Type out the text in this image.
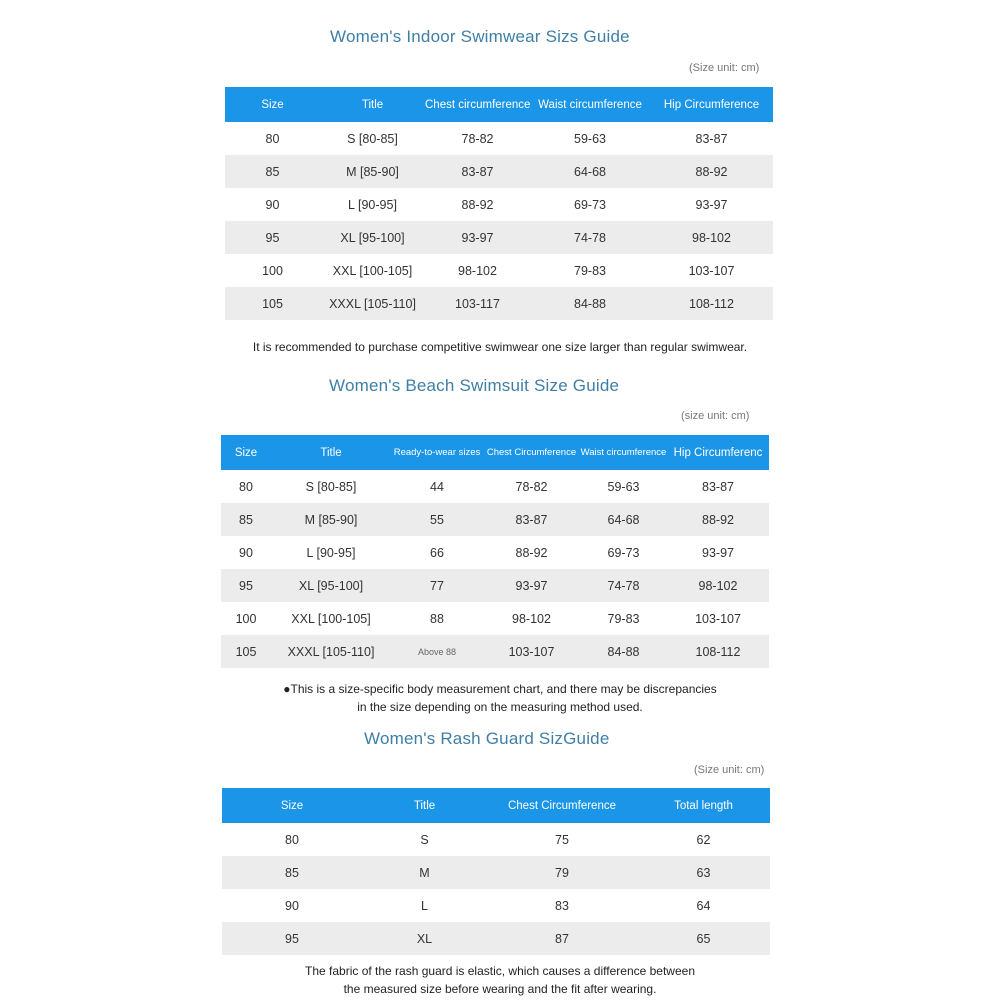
Women's Indoor Swimwear Sizs Guide
(Size unit: cm)
Size	Title	Chest circumference	Waist circumference	Hip Circumference
80	S [80-85]	78-82	59-63	83-87
85	M [85-90]	83-87	64-68	88-92
90	L [90-95]	88-92	69-73	93-97
95	XL [95-100]	93-97	74-78	98-102
100	XXL [100-105]	98-102	79-83	103-107
105	XXXL [105-110]	103-117	84-88	108-112
It is recommended to purchase competitive swimwear one size larger than regular swimwear.
Women's Beach Swimsuit Size Guide
(size unit: cm)
Size	Title	Ready-to-wear sizes	Chest Circumference	Waist circumference	Hip Circumferenc
80	S [80-85]	44	78-82	59-63	83-87
85	M [85-90]	55	83-87	64-68	88-92
90	L [90-95]	66	88-92	69-73	93-97
95	XL [95-100]	77	93-97	74-78	98-102
100	XXL [100-105]	88	98-102	79-83	103-107
105	XXXL [105-110]	Above 88	103-107	84-88	108-112
●This is a size-specific body measurement chart, and there may be discrepancies
in the size depending on the measuring method used.
Women's Rash Guard SizGuide
(Size unit: cm)
Size	Title	Chest Circumference	Total length
80	S	75	62
85	M	79	63
90	L	83	64
95	XL	87	65
The fabric of the rash guard is elastic, which causes a difference between
the measured size before wearing and the fit after wearing.
